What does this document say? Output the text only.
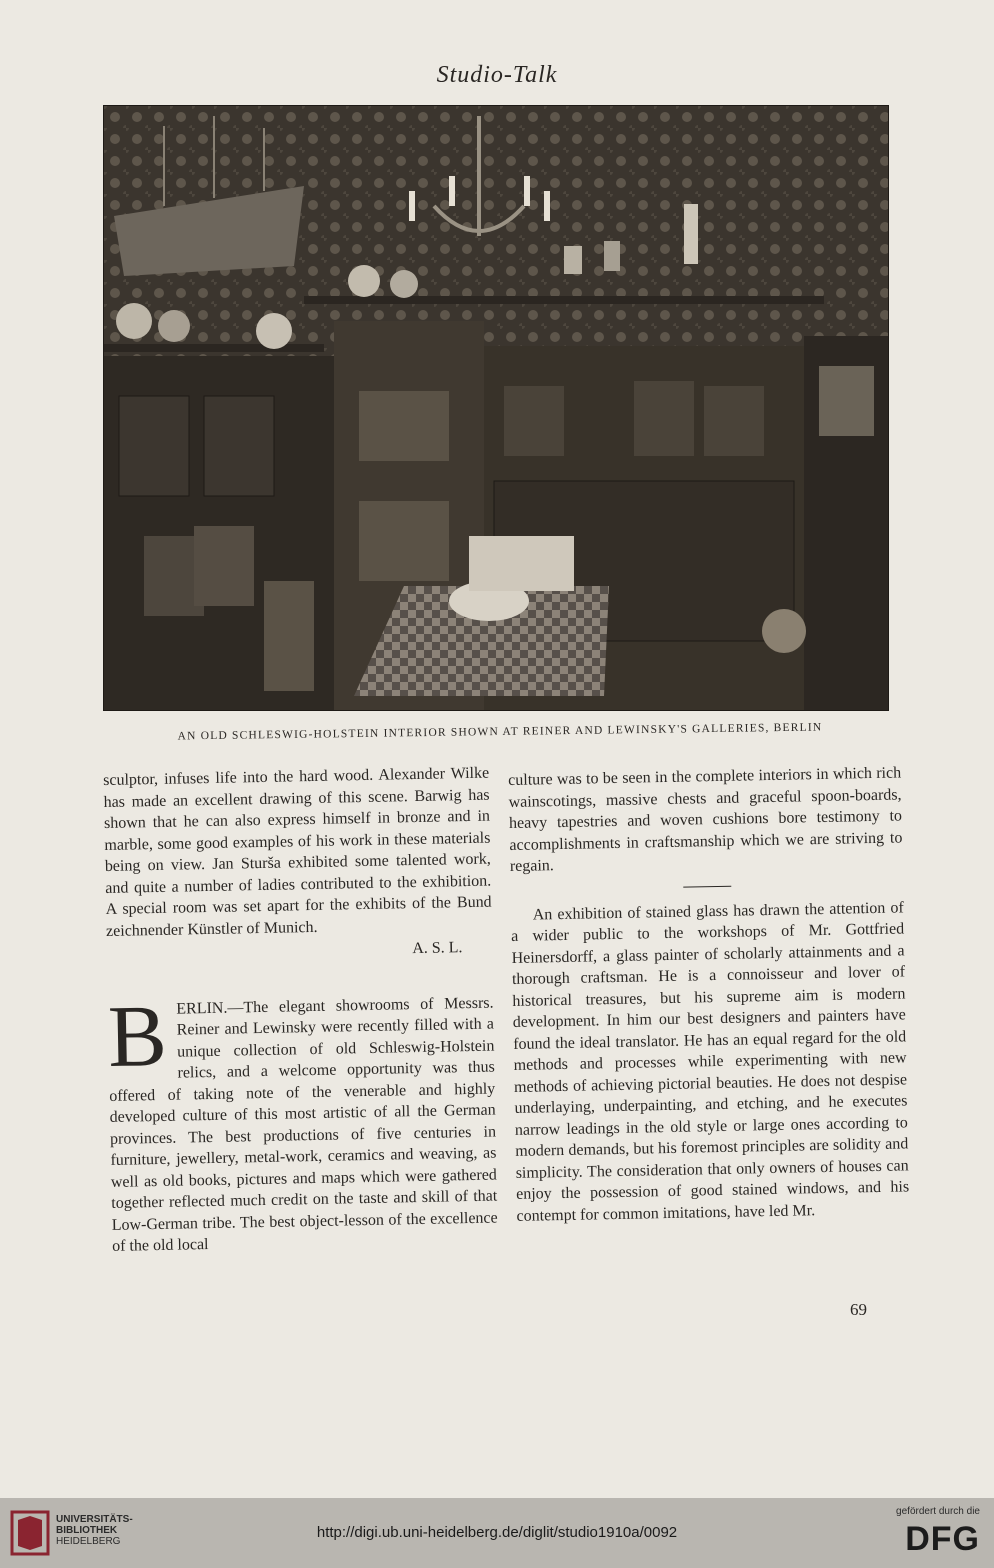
Studio-Talk
AN OLD SCHLESWIG-HOLSTEIN INTERIOR SHOWN AT REINER AND LEWINSKY'S GALLERIES, BERLIN

sculptor, infuses life into the hard wood. Alexander Wilke has made an excellent drawing of this scene. Barwig has shown that he can also express himself in bronze and in marble, some good examples of his work in these materials being on view. Jan Sturša exhibited some talented work, and quite a number of ladies contributed to the exhibition. A special room was set apart for the exhibits of the Bund zeichnender Künstler of Munich.

A. S. L.

BERLIN.—The elegant showrooms of Messrs. Reiner and Lewinsky were recently filled with a unique collection of old Schleswig-Holstein relics, and a welcome opportunity was thus offered of taking note of the venerable and highly developed culture of this most artistic of all the German provinces. The best productions of five centuries in furniture, jewellery, metal-work, ceramics and weaving, as well as old books, pictures and maps which were gathered together reflected much credit on the taste and skill of that Low-German tribe. The best object-lesson of the excellence of the old local

culture was to be seen in the complete interiors in which rich wainscotings, massive chests and graceful spoon-boards, heavy tapestries and woven cushions bore testimony to accomplishments in craftsmanship which we are striving to regain.

An exhibition of stained glass has drawn the attention of a wider public to the workshops of Mr. Gottfried Heinersdorff, a glass painter of scholarly attainments and a thorough craftsman. He is a connoisseur and lover of historical treasures, but his supreme aim is modern development. In him our best designers and painters have found the ideal translator. He has an equal regard for the old methods and processes while experimenting with new methods of achieving pictorial beauties. He does not despise underlaying, underpainting, and etching, and he executes narrow leadings in the old style or large ones according to modern demands, but his foremost principles are solidity and simplicity. The consideration that only owners of houses can enjoy the possession of good stained windows, and his contempt for common imitations, have led Mr.

69
UNIVERSITÄTS-
BIBLIOTHEK
HEIDELBERG
http://digi.ub.uni-heidelberg.de/diglit/studio1910a/0092
gefördert durch die
DFG
